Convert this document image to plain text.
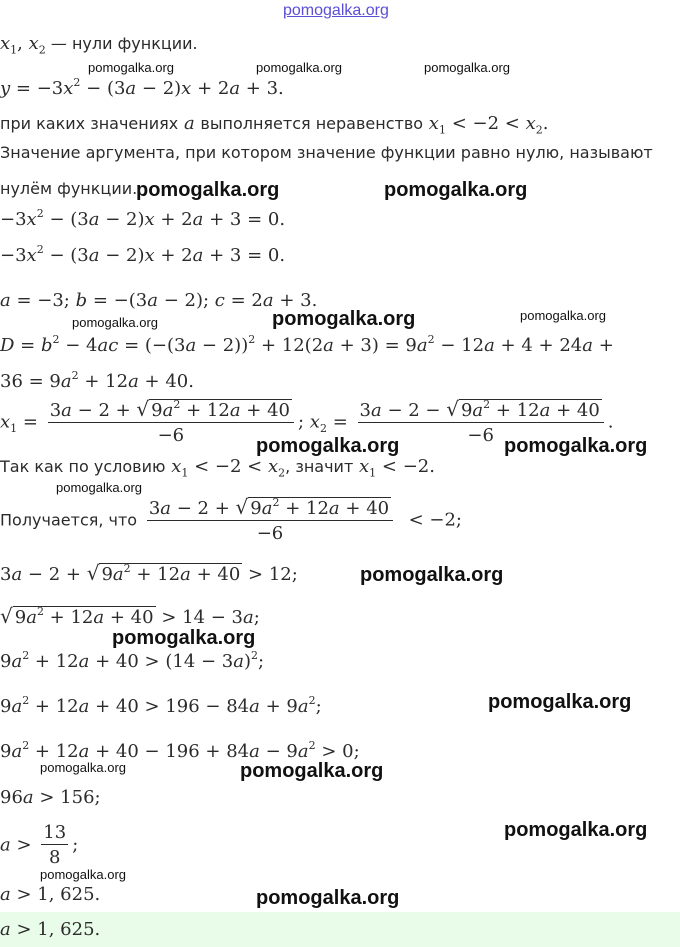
pomogalka.org
$x_1$, $x_2$ — нули функции.
pomogalka.org	pomogalka.org	pomogalka.org
$y = -3x^2 - (3a - 2)x + 2a + 3$.
при каких значениях a выполняется неравенство $x_1 < -2 < x_2$.
Значение аргумента, при котором значение функции равно нулю, называют
нулём функции.
pomogalka.org	pomogalka.org
$-3x^2 - (3a - 2)x + 2a + 3 = 0$.
$-3x^2 - (3a - 2)x + 2a + 3 = 0$.
a = −3; b = −(3a − 2); c = 2a + 3.
pomogalka.org	pomogalka.org	pomogalka.org
$D = b^2 - 4ac = (-(3a - 2))^2 + 12(2a + 3) = 9a^2 - 12a + 4 + 24a$ +
$36 = 9a^2 + 12a + 40$.
$x_1 = \frac{3a - 2 + √ 9a^2 + 12a + 40}{-6}$ ; $x_2 = \frac{3a - 2 - √ 9a^2 + 12a + 40}{-6}$ .
pomogalka.org	pomogalka.org
Так как по условию $x_1 < -2 < x_2$, значит $x_1 < -2$.
pomogalka.org
Получается, что $\frac{3a - 2 + √ 9a^2 + 12a + 40}{-6} < -2$;
3a − 2 + √ $9a^2 + 12a + 40 > 12$;	pomogalka.org
√ $9a^2 + 12a + 40 > 14 - 3a$;
pomogalka.org
$9a^2 + 12a + 40 > (14 - 3a)^2$;
$9a^2 + 12a + 40 > 196 - 84a + 9a^2$;	pomogalka.org
$9a^2 + 12a + 40 - 196 + 84a - 9a^2 > 0$;
pomogalka.org	pomogalka.org
96a > 156;
$a > \frac{13}{8}$ ;
pomogalka.org
pomogalka.org
a > 1, 625.	pomogalka.org
a > 1, 625.
